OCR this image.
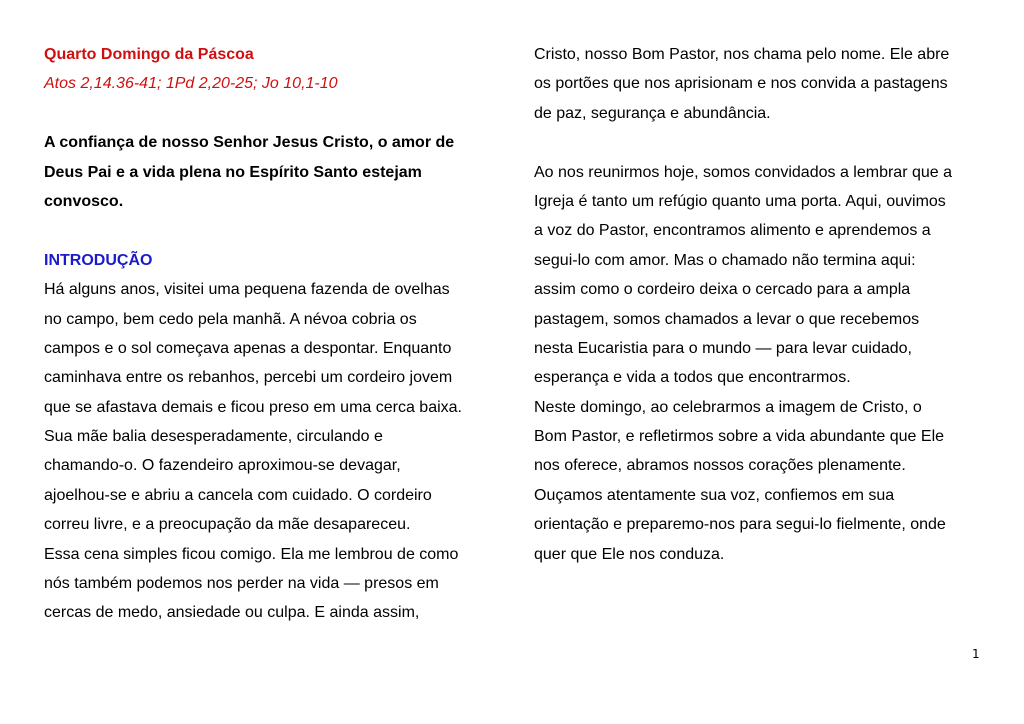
Quarto Domingo da Páscoa
Atos 2,14.36-41; 1Pd 2,20-25; Jo 10,1-10
A confiança de nosso Senhor Jesus Cristo, o amor de
Deus Pai e a vida plena no Espírito Santo estejam
convosco.
INTRODUÇÃO
Há alguns anos, visitei uma pequena fazenda de ovelhas
no campo, bem cedo pela manhã. A névoa cobria os
campos e o sol começava apenas a despontar. Enquanto
caminhava entre os rebanhos, percebi um cordeiro jovem
que se afastava demais e ficou preso em uma cerca baixa.
Sua mãe balia desesperadamente, circulando e
chamando-o. O fazendeiro aproximou-se devagar,
ajoelhou-se e abriu a cancela com cuidado. O cordeiro
correu livre, e a preocupação da mãe desapareceu.
Essa cena simples ficou comigo. Ela me lembrou de como
nós também podemos nos perder na vida — presos em
cercas de medo, ansiedade ou culpa. E ainda assim,
Cristo, nosso Bom Pastor, nos chama pelo nome. Ele abre
os portões que nos aprisionam e nos convida a pastagens
de paz, segurança e abundância.
Ao nos reunirmos hoje, somos convidados a lembrar que a
Igreja é tanto um refúgio quanto uma porta. Aqui, ouvimos
a voz do Pastor, encontramos alimento e aprendemos a
segui-lo com amor. Mas o chamado não termina aqui:
assim como o cordeiro deixa o cercado para a ampla
pastagem, somos chamados a levar o que recebemos
nesta Eucaristia para o mundo — para levar cuidado,
esperança e vida a todos que encontrarmos.
Neste domingo, ao celebrarmos a imagem de Cristo, o
Bom Pastor, e refletirmos sobre a vida abundante que Ele
nos oferece, abramos nossos corações plenamente.
Ouçamos atentamente sua voz, confiemos em sua
orientação e preparemo-nos para segui-lo fielmente, onde
quer que Ele nos conduza.
1
